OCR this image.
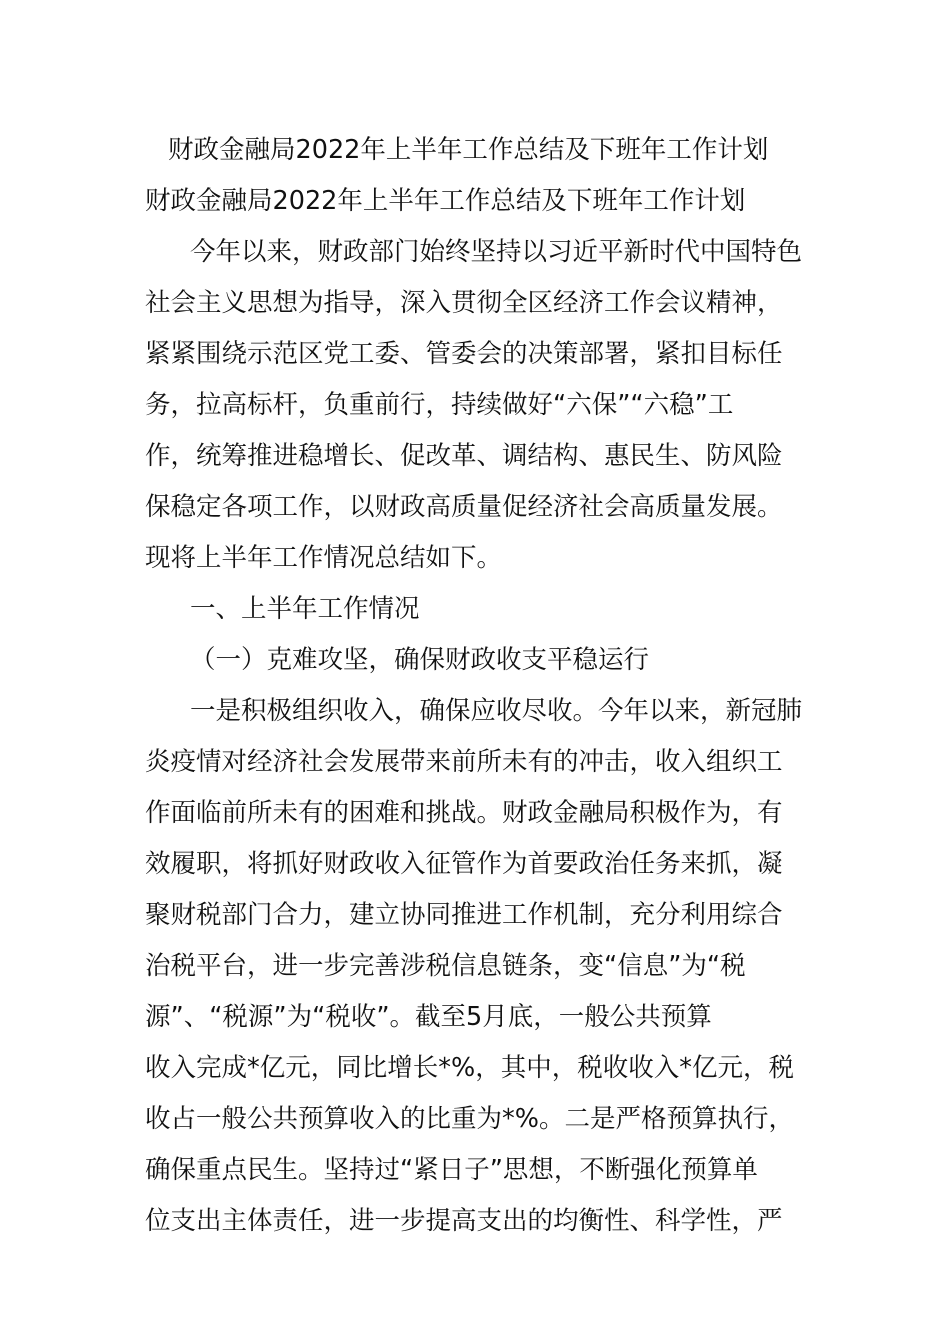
财政金融局2022年上半年工作总结及下班年工作计划
财政金融局2022年上半年工作总结及下班年工作计划
今年以来，财政部门始终坚持以习近平新时代中国特色
社会主义思想为指导，深入贯彻全区经济工作会议精神，
紧紧围绕示范区党工委、管委会的决策部署，紧扣目标任
务，拉高标杆，负重前行，持续做好“六保”“六稳”工
作，统筹推进稳增长、促改革、调结构、惠民生、防风险
保稳定各项工作，以财政高质量促经济社会高质量发展。
现将上半年工作情况总结如下。
一、上半年工作情况
（一）克难攻坚，确保财政收支平稳运行
一是积极组织收入，确保应收尽收。今年以来，新冠肺
炎疫情对经济社会发展带来前所未有的冲击，收入组织工
作面临前所未有的困难和挑战。财政金融局积极作为，有
效履职，将抓好财政收入征管作为首要政治任务来抓，凝
聚财税部门合力，建立协同推进工作机制，充分利用综合
治税平台，进一步完善涉税信息链条，变“信息”为“税
源”、“税源”为“税收”。截至5月底，一般公共预算
收入完成*亿元，同比增长*%，其中，税收收入*亿元，税
收占一般公共预算收入的比重为*%。二是严格预算执行，
确保重点民生。坚持过“紧日子”思想，不断强化预算单
位支出主体责任，进一步提高支出的均衡性、科学性，严
